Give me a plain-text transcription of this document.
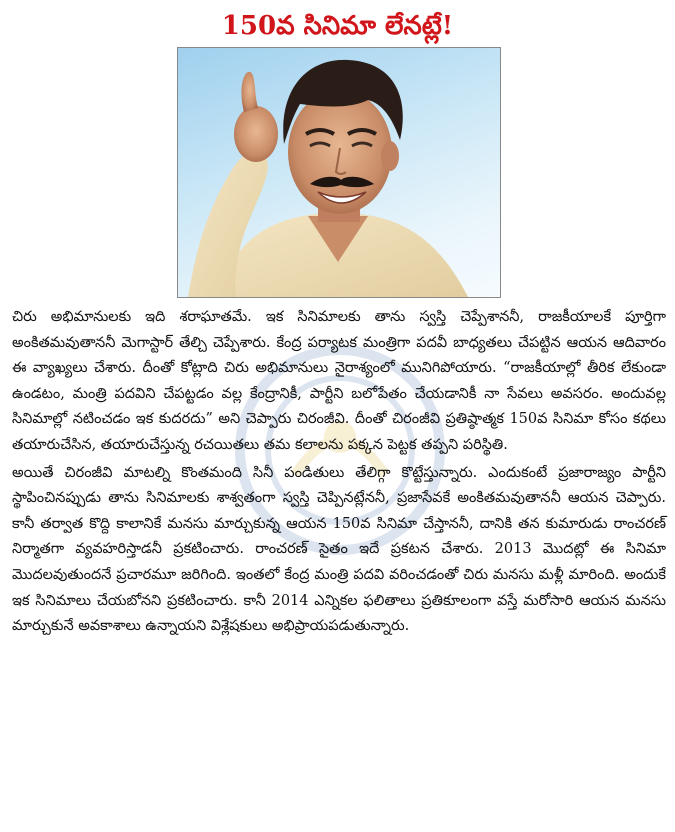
150వ సినిమా లేనట్లే!

చిరు అభిమానులకు ఇది శరాఘాతమే. ఇక సినిమాలకు తాను స్వస్తి చెప్పేశాననీ, రాజకీయాలకే పూర్తిగా అంకితమవుతాననీ మెగాస్టార్ తేల్చి చెప్పేశారు. కేంద్ర పర్యాటక మంత్రిగా పదవీ బాధ్యతలు చేపట్టిన ఆయన ఆదివారం ఈ వ్యాఖ్యలు చేశారు. దీంతో కోట్లాది చిరు అభిమానులు నైరాశ్యంలో మునిగిపోయారు. “రాజకీయాల్లో తీరిక లేకుండా ఉండటం, మంత్రి పదవిని చేపట్టడం వల్ల కేంద్రానికీ, పార్టీని బలోపేతం చేయడానికీ నా సేవలు అవసరం. అందువల్ల సినిమాల్లో నటించడం ఇక కుదరదు” అని చెప్పారు చిరంజీవి. దీంతో చిరంజీవి ప్రతిష్ఠాత్మక 150వ సినిమా కోసం కథలు తయారుచేసిన, తయారుచేస్తున్న రచయితలు తమ కలాలను పక్కన పెట్టక తప్పని పరిస్థితి.

అయితే చిరంజీవి మాటల్ని కొంతమంది సినీ పండితులు తేలిగ్గా కొట్టేస్తున్నారు. ఎందుకంటే ప్రజారాజ్యం పార్టీని స్థాపించినప్పుడు తాను సినిమాలకు శాశ్వతంగా స్వస్తి చెప్పినట్లేననీ, ప్రజాసేవకే అంకితమవుతాననీ ఆయన చెప్పారు. కానీ తర్వాత కొద్ది కాలానికే మనసు మార్చుకున్న ఆయన 150వ సినిమా చేస్తాననీ, దానికి తన కుమారుడు రాంచరణ్ నిర్మాతగా వ్యవహరిస్తాడనీ ప్రకటించారు. రాంచరణ్ సైతం ఇదే ప్రకటన చేశారు. 2013 మొదట్లో ఈ సినిమా మొదలవుతుందనే ప్రచారమూ జరిగింది. ఇంతలో కేంద్ర మంత్రి పదవి వరించడంతో చిరు మనసు మళ్లీ మారింది. అందుకే ఇక సినిమాలు చేయబోనని ప్రకటించారు. కానీ 2014 ఎన్నికల ఫలితాలు ప్రతికూలంగా వస్తే మరోసారి ఆయన మనసు మార్చుకునే అవకాశాలు ఉన్నాయని విశ్లేషకులు అభిప్రాయపడుతున్నారు.
